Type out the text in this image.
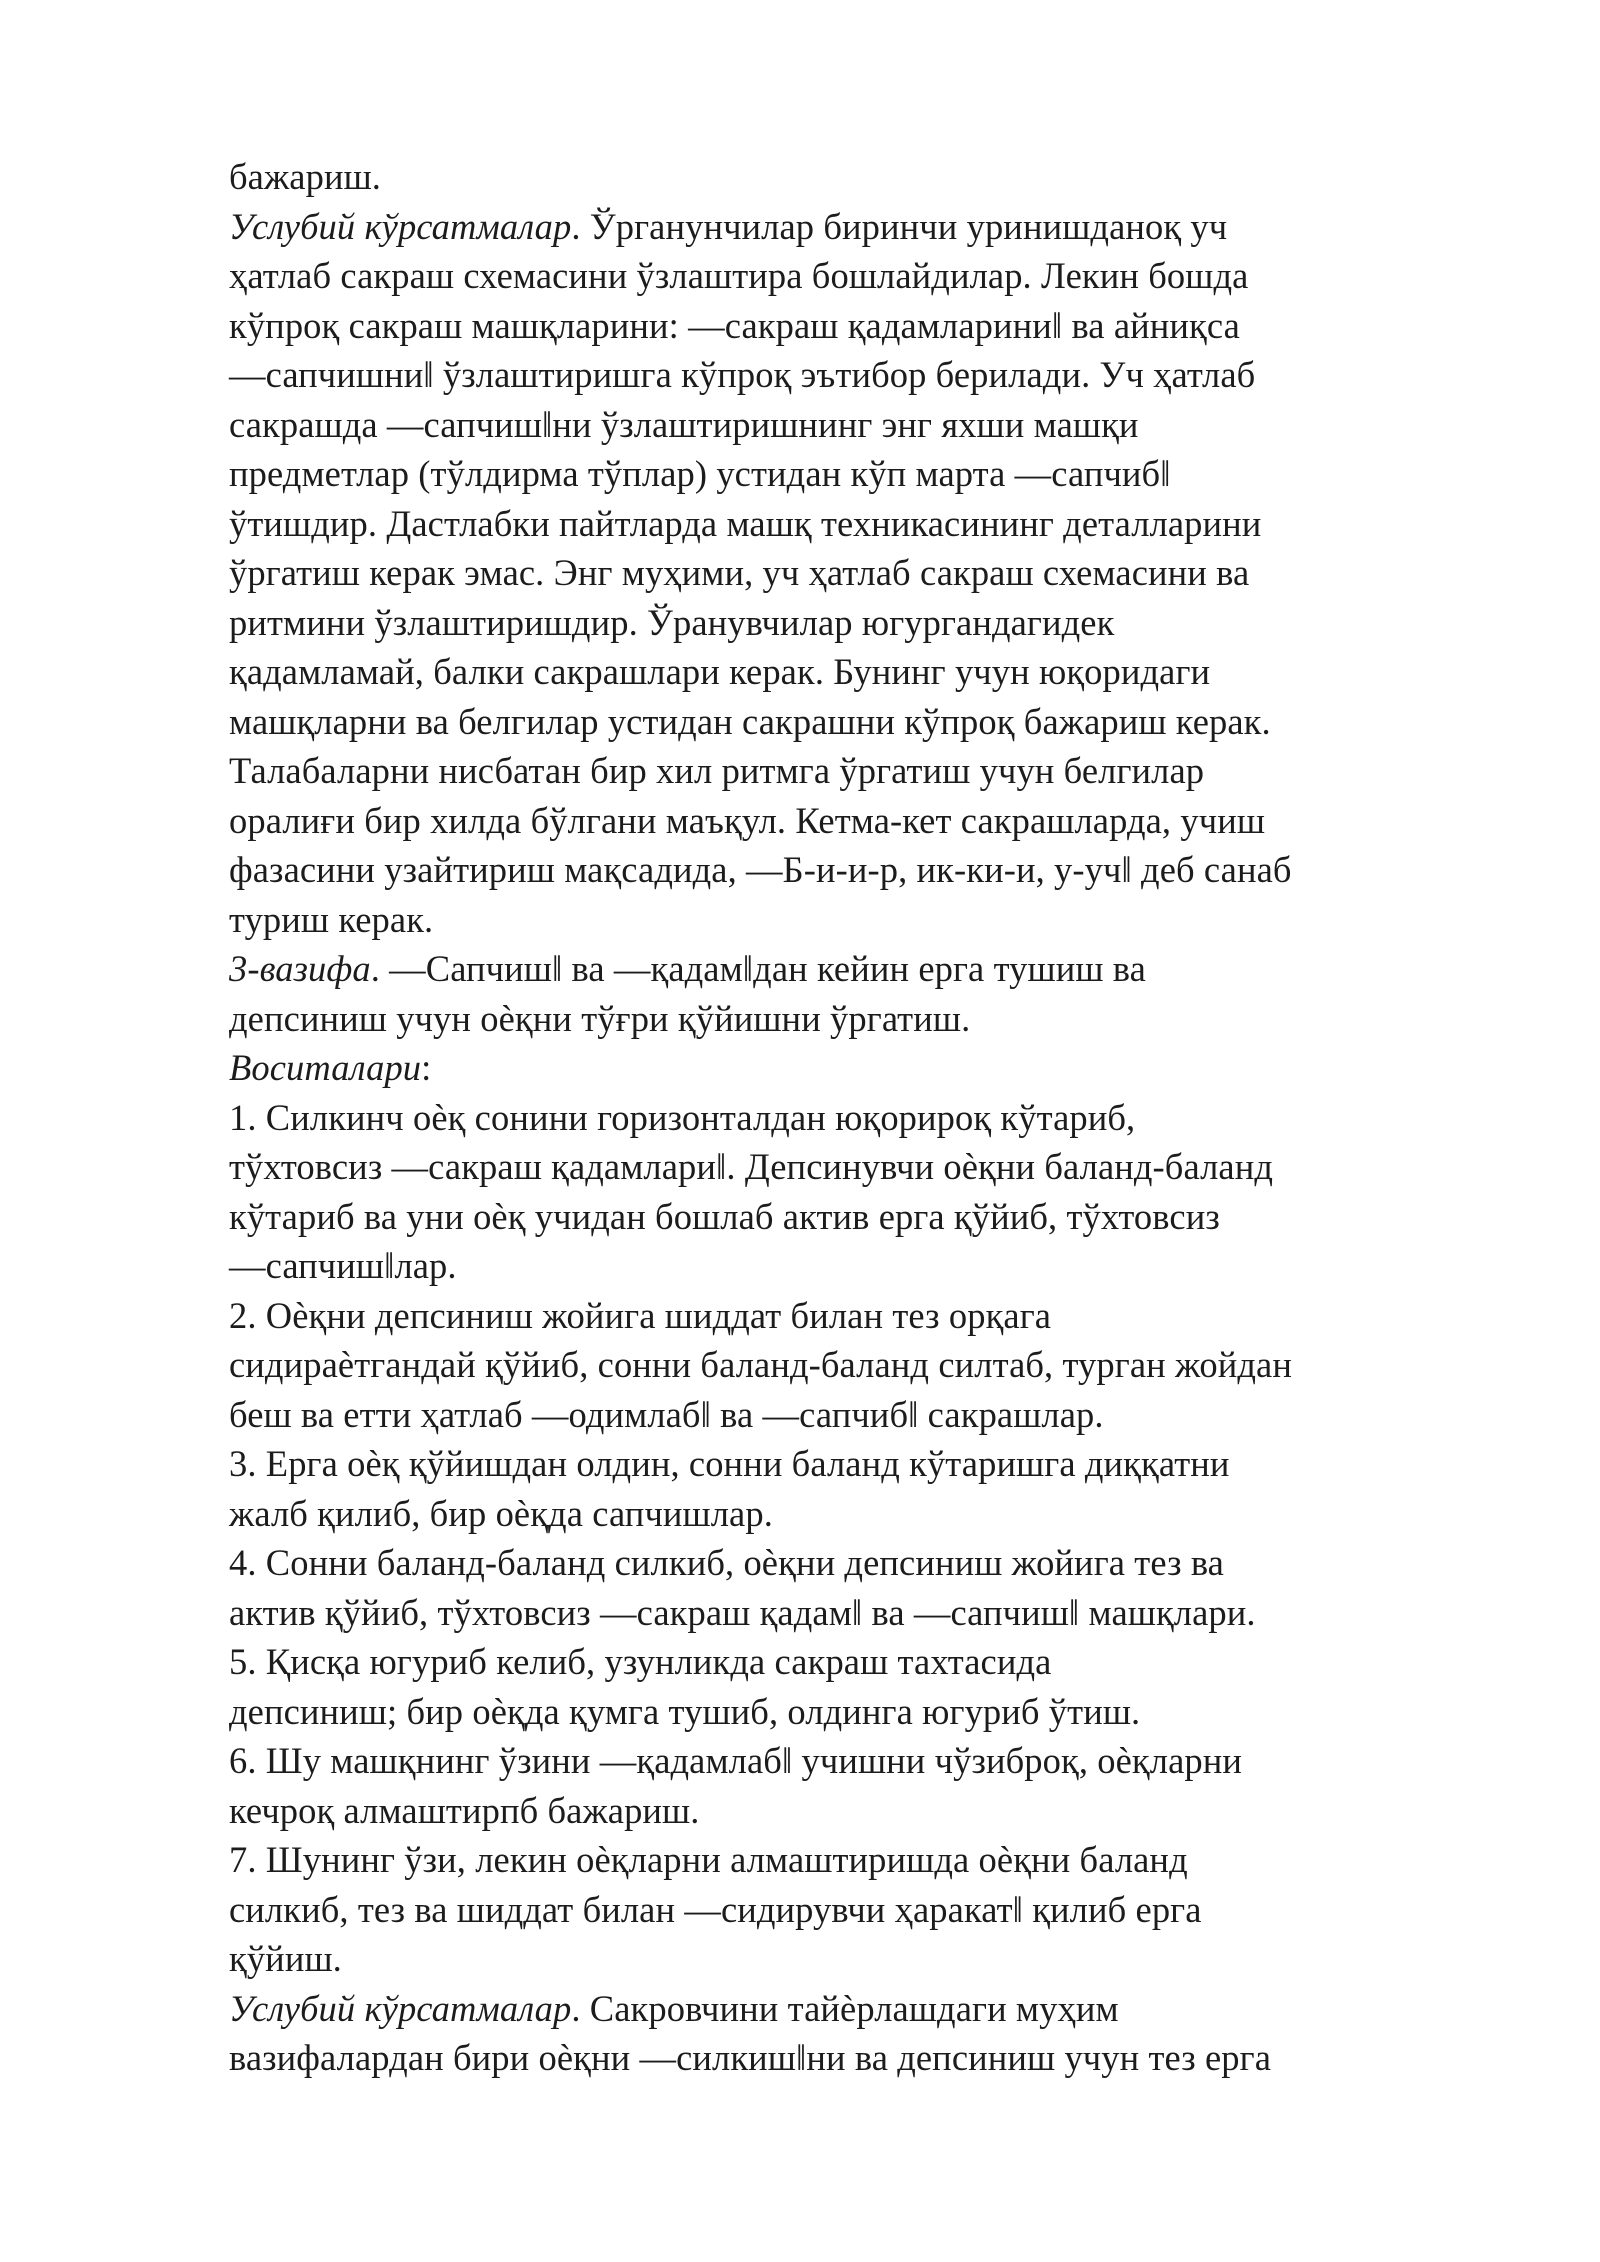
бажариш.
Услубий кўрсатмалар. Ўрганунчилар биринчи уринишданоқ уч
ҳатлаб сакраш схемасини ўзлаштира бошлайдилар. Лекин бошда
кўпроқ сакраш машқларини: ―сакраш қадамларини‖ ва айниқса
―сапчишни‖ ўзлаштиришга кўпроқ эътибор берилади. Уч ҳатлаб
сакрашда ―сапчиш‖ни ўзлаштиришнинг энг яхши машқи
предметлар (тўлдирма тўплар) устидан кўп марта ―сапчиб‖
ўтишдир. Дастлабки пайтларда машқ техникасининг деталларини
ўргатиш керак эмас. Энг муҳими, уч ҳатлаб сакраш схемасини ва
ритмини ўзлаштиришдир. Ўранувчилар югургандагидек
қадамламай, балки сакрашлари керак. Бунинг учун юқоридаги
машқларни ва белгилар устидан сакрашни кўпроқ бажариш керак.
Талабаларни нисбатан бир хил ритмга ўргатиш учун белгилар
оралиғи бир хилда бўлгани маъқул. Кетма-кет сакрашларда, учиш
фазасини узайтириш мақсадида, ―Б-и-и-р, ик-ки-и, у-уч‖ деб санаб
туриш керак.
3-вазифа. ―Сапчиш‖ ва ―қадам‖дан кейин ерга тушиш ва
депсиниш учун оѐқни тўғри қўйишни ўргатиш.
Воситалари:
1. Силкинч оѐқ сонини горизонталдан юқорироқ кўтариб,
тўхтовсиз ―сакраш қадамлари‖. Депсинувчи оѐқни баланд-баланд
кўтариб ва уни оѐқ учидан бошлаб актив ерга қўйиб, тўхтовсиз
―сапчиш‖лар.
2. Оѐқни депсиниш жойига шиддат билан тез орқага
сидираѐтгандай қўйиб, сонни баланд-баланд силтаб, турган жойдан
беш ва етти ҳатлаб ―одимлаб‖ ва ―сапчиб‖ сакрашлар.
3. Ерга оѐқ қўйишдан олдин, сонни баланд кўтаришга диққатни
жалб қилиб, бир оѐқда сапчишлар.
4. Сонни баланд-баланд силкиб, оѐқни депсиниш жойига тез ва
актив қўйиб, тўхтовсиз ―сакраш қадам‖ ва ―сапчиш‖ машқлари.
5. Қисқа югуриб келиб, узунликда сакраш тахтасида
депсиниш; бир оѐқда қумга тушиб, олдинга югуриб ўтиш.
6. Шу машқнинг ўзини ―қадамлаб‖ учишни чўзиброқ, оѐқларни
кечроқ алмаштирпб бажариш.
7. Шунинг ўзи, лекин оѐқларни алмаштиришда оѐқни баланд
силкиб, тез ва шиддат билан ―сидирувчи ҳаракат‖ қилиб ерга
қўйиш.
Услубий кўрсатмалар. Сакровчини тайѐрлашдаги муҳим
вазифалардан бири оѐқни ―силкиш‖ни ва депсиниш учун тез ерга
